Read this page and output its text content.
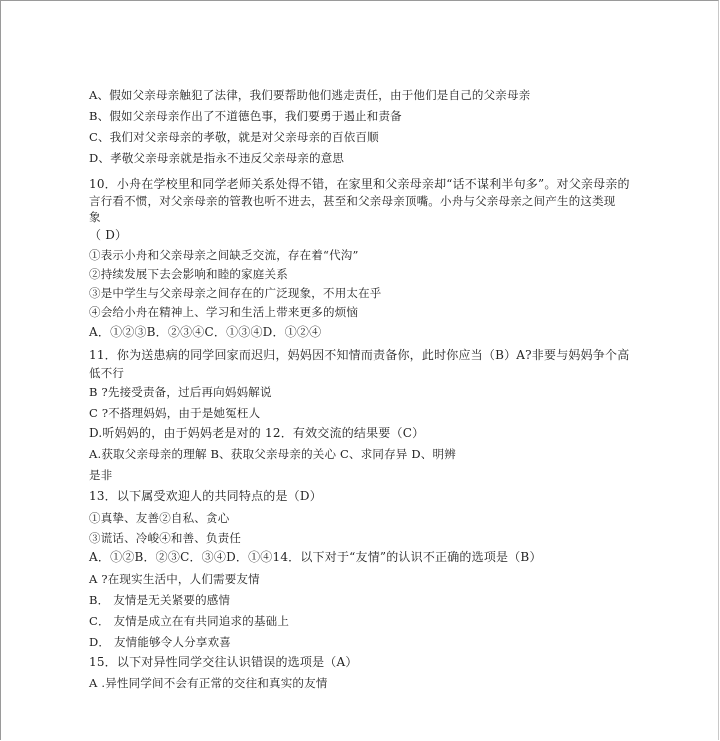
A、假如父亲母亲触犯了法律，我们要帮助他们逃走责任，由于他们是自己的父亲母亲
B、假如父亲母亲作出了不道德色事，我们要勇于遏止和责备
C、我们对父亲母亲的孝敬，就是对父亲母亲的百依百顺
D、孝敬父亲母亲就是指永不违反父亲母亲的意思
10．小舟在学校里和同学老师关系处得不错，在家里和父亲母亲却“话不谋利半句多”。对父亲母亲的
言行看不惯，对父亲母亲的管教也听不进去，甚至和父亲母亲顶嘴。小舟与父亲母亲之间产生的这类现
象
（ D）
①表示小舟和父亲母亲之间缺乏交流，存在着“代沟”
②持续发展下去会影响和睦的家庭关系
③是中学生与父亲母亲之间存在的广泛现象，不用太在乎
④会给小舟在精神上、学习和生活上带来更多的烦恼
A．①②③B．②③④C．①③④D．①②④
11．你为送患病的同学回家而迟归，妈妈因不知情而责备你，此时你应当（B）A?非要与妈妈争个高
低不行
B ?先接受责备，过后再向妈妈解说
C ?不搭理妈妈，由于是她冤枉人
D.听妈妈的，由于妈妈老是对的 12．有效交流的结果要（C）
A.获取父亲母亲的理解 B、获取父亲母亲的关心 C、求同存异 D、明辨
是非
13．以下属受欢迎人的共同特点的是（D）
①真挚、友善②自私、贪心
③谎话、冷峻④和善、负责任
A．①②B．②③C．③④D．①④14．以下对于“友情”的认识不正确的选项是（B）
A ?在现实生活中，人们需要友情
B． 友情是无关紧要的感情
C． 友情是成立在有共同追求的基础上
D． 友情能够令人分享欢喜
15．以下对异性同学交往认识错误的选项是（A）
A .异性同学间不会有正常的交往和真实的友情
